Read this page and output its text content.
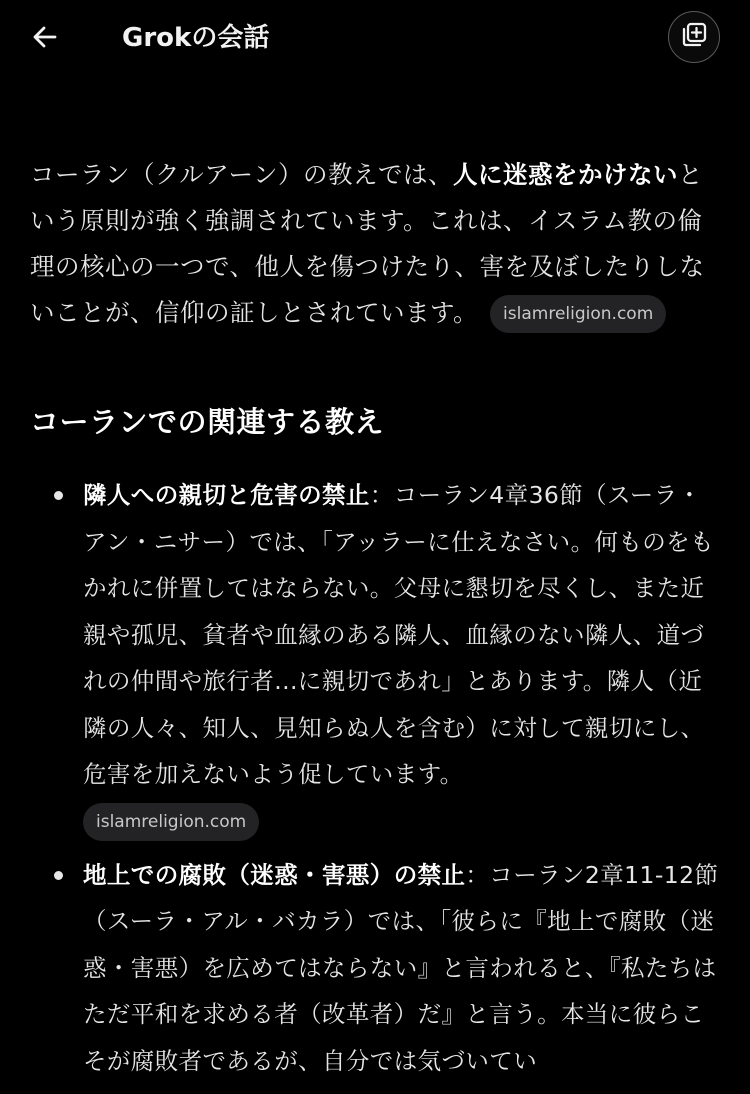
Grokの会話

コーラン（クルアーン）の教えでは、人に迷惑をかけないという原則が強く強調されています。これは、イスラム教の倫理の核心の一つで、他人を傷つけたり、害を及ぼしたりしないことが、信仰の証しとされています。 islamreligion.com

コーランでの関連する教え
隣人への親切と危害の禁止：コーラン4章36節（スーラ・アン・ニサー）では、「アッラーに仕えなさい。何ものをもかれに併置してはならない。父母に懇切を尽くし、また近親や孤児、貧者や血縁のある隣人、血縁のない隣人、道づれの仲間や旅行者...に親切であれ」とあります。隣人（近隣の人々、知人、見知らぬ人を含む）に対して親切にし、危害を加えないよう促しています。
islamreligion.com
地上での腐敗（迷惑・害悪）の禁止：コーラン2章11-12節（スーラ・アル・バカラ）では、「彼らに『地上で腐敗（迷惑・害悪）を広めてはならない』と言われると、『私たちはただ平和を求める者（改革者）だ』と言う。本当に彼らこそが腐敗者であるが、自分では気づいてい
